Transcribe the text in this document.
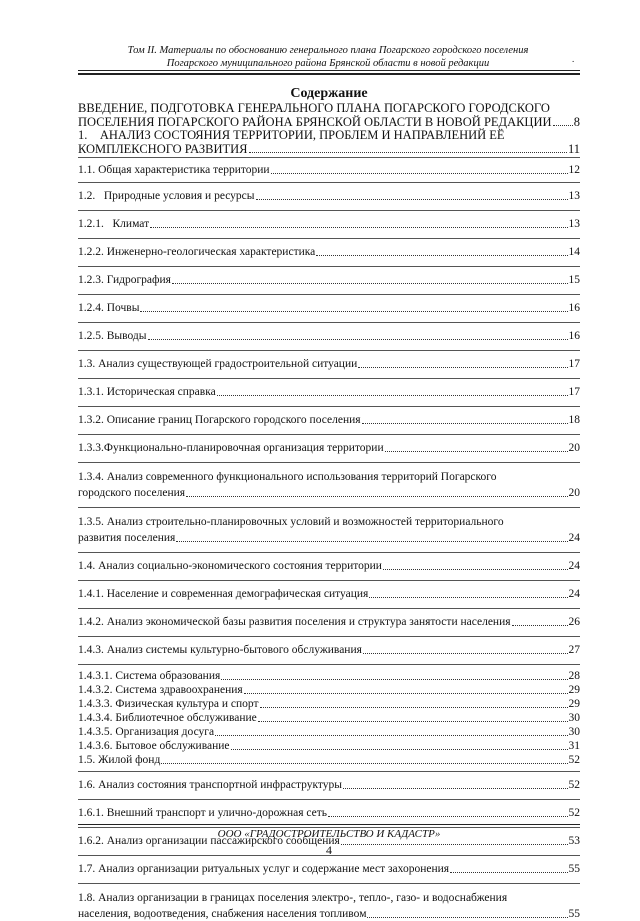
Том II. Материалы по обоснованию генерального плана Погарского городского поселения
Погарского муниципального района Брянской области в новой редакции	.
Содержание
ВВЕДЕНИЕ, ПОДГОТОВКА ГЕНЕРАЛЬНОГО ПЛАНА ПОГАРСКОГО ГОРОДСКОГО
ПОСЕЛЕНИЯ ПОГАРСКОГО РАЙОНА БРЯНСКОЙ ОБЛАСТИ В НОВОЙ РЕДАКЦИИ 8
1.    АНАЛИЗ СОСТОЯНИЯ ТЕРРИТОРИИ, ПРОБЛЕМ И НАПРАВЛЕНИЙ ЕЁ
КОМПЛЕКСНОГО РАЗВИТИЯ	11
1.1. Общая характеристика территории	12
1.2.   Природные условия и ресурсы	13
1.2.1.   Климат	13
1.2.2. Инженерно-геологическая характеристика	14
1.2.3. Гидрография	15
1.2.4. Почвы	16
1.2.5. Выводы	16
1.3. Анализ существующей градостроительной ситуации	17
1.3.1. Историческая справка	17
1.3.2. Описание границ Погарского городского поселения	18
1.3.3.Функционально-планировочная организация территории	20
1.3.4. Анализ современного функционального использования территорий Погарского
городского поселения	20
1.3.5. Анализ строительно-планировочных условий и возможностей территориального
развития поселения	24
1.4. Анализ социально-экономического состояния территории	24
1.4.1. Население и современная демографическая ситуация	24
1.4.2. Анализ экономической базы развития поселения и структура занятости населения	26
1.4.3. Анализ системы культурно-бытового обслуживания	27
1.4.3.1. Система образования	28
1.4.3.2. Система здравоохранения	29
1.4.3.3. Физическая культура и спорт	29
1.4.3.4. Библиотечное обслуживание	30
1.4.3.5. Организация досуга	30
1.4.3.6. Бытовое обслуживание	31
1.5. Жилой фонд	52
1.6. Анализ состояния транспортной инфраструктуры	52
1.6.1. Внешний транспорт и улично-дорожная сеть	52
1.6.2. Анализ организации пассажирского сообщения	53
1.7. Анализ организации ритуальных услуг и содержание мест захоронения	55
1.8. Анализ организации в границах поселения электро-, тепло-, газо- и водоснабжения
населения, водоотведения, снабжения населения топливом	55
ООО «ГРАДОСТРОИТЕЛЬСТВО И КАДАСТР»
4
